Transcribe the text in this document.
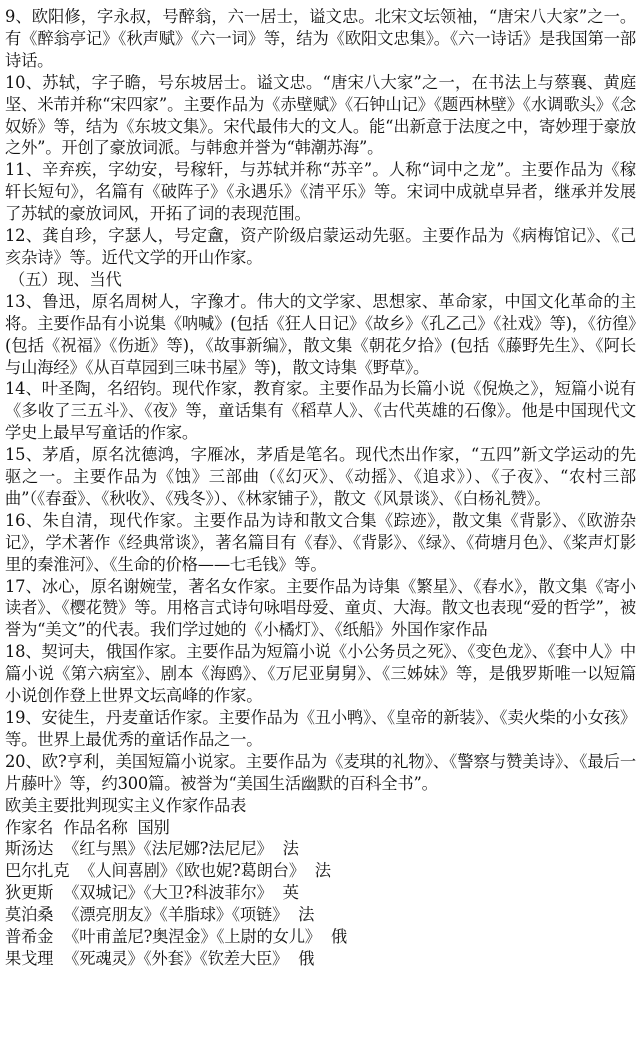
9、欧阳修，字永叔，号醉翁，六一居士，谥文忠。北宋文坛领袖，“唐宋八大家”之一。有《醉翁亭记》《秋声赋》《六一词》等，结为《欧阳文忠集》。《六一诗话》是我国第一部诗话。

10、苏轼，字子瞻，号东坡居士。谥文忠。“唐宋八大家”之一，在书法上与蔡襄、黄庭坚、米芾并称“宋四家”。主要作品为《赤壁赋》《石钟山记》《题西林壁》《水调歌头》《念奴娇》等，结为《东坡文集》。宋代最伟大的文人。能“出新意于法度之中，寄妙理于豪放之外”。开创了豪放词派。与韩愈并誉为“韩潮苏海”。

11、辛弃疾，字幼安，号稼轩，与苏轼并称“苏辛”。人称“词中之龙”。主要作品为《稼轩长短句》，名篇有《破阵子》《永遇乐》《清平乐》等。宋词中成就卓异者，继承并发展了苏轼的豪放词风，开拓了词的表现范围。

12、龚自珍，字瑟人，号定盦，资产阶级启蒙运动先驱。主要作品为《病梅馆记》、《己亥杂诗》等。近代文学的开山作家。

（五）现、当代

13、鲁迅，原名周树人，字豫才。伟大的文学家、思想家、革命家，中国文化革命的主将。主要作品有小说集《呐喊》(包括《狂人日记》《故乡》《孔乙己》《社戏》等)，《彷徨》(包括《祝福》《伤逝》等)，《故事新编》，散文集《朝花夕拾》(包括《藤野先生》、《阿长与山海经》《从百草园到三味书屋》等)，散文诗集《野草》。

14、叶圣陶，名绍钧。现代作家，教育家。主要作品为长篇小说《倪焕之》，短篇小说有《多收了三五斗》、《夜》等，童话集有《稻草人》、《古代英雄的石像》。他是中国现代文学史上最早写童话的作家。

15、茅盾，原名沈德鸿，字雁冰，茅盾是笔名。现代杰出作家，“五四”新文学运动的先驱之一。主要作品为《蚀》三部曲（《幻灭》、《动摇》、《追求》）、《子夜》、“农村三部曲”（《春蚕》、《秋收》、《残冬》）、《林家铺子》，散文《风景谈》、《白杨礼赞》。

16、朱自清，现代作家。主要作品为诗和散文合集《踪迹》，散文集《背影》、《欧游杂记》，学术著作《经典常谈》，著名篇目有《春》、《背影》、《绿》、《荷塘月色》、《桨声灯影里的秦淮河》、《生命的价格——七毛钱》等。

17、冰心，原名谢婉莹，著名女作家。主要作品为诗集《繁星》、《春水》，散文集《寄小读者》、《樱花赞》等。用格言式诗句咏唱母爱、童贞、大海。散文也表现“爱的哲学”，被誉为“美文”的代表。我们学过她的《小橘灯》、《纸船》外国作家作品

18、契诃夫，俄国作家。主要作品为短篇小说《小公务员之死》、《变色龙》、《套中人》中篇小说《第六病室》、剧本《海鸥》、《万尼亚舅舅》、《三姊妹》等，是俄罗斯唯一以短篇小说创作登上世界文坛高峰的作家。

19、安徒生，丹麦童话作家。主要作品为《丑小鸭》、《皇帝的新装》、《卖火柴的小女孩》等。世界上最优秀的童话作品之一。

20、欧?亨利，美国短篇小说家。主要作品为《麦琪的礼物》、《警察与赞美诗》、《最后一片藤叶》等，约300篇。被誉为“美国生活幽默的百科全书”。

欧美主要批判现实主义作家作品表

作家名  作品名称  国别

斯汤达  《红与黑》《法尼娜?法尼尼》  法

巴尔扎克  《人间喜剧》《欧也妮?葛朗台》  法

狄更斯  《双城记》《大卫?科波菲尔》  英

莫泊桑  《漂亮朋友》《羊脂球》《项链》  法

普希金  《叶甫盖尼?奥涅金》《上尉的女儿》  俄

果戈理  《死魂灵》《外套》《钦差大臣》  俄
